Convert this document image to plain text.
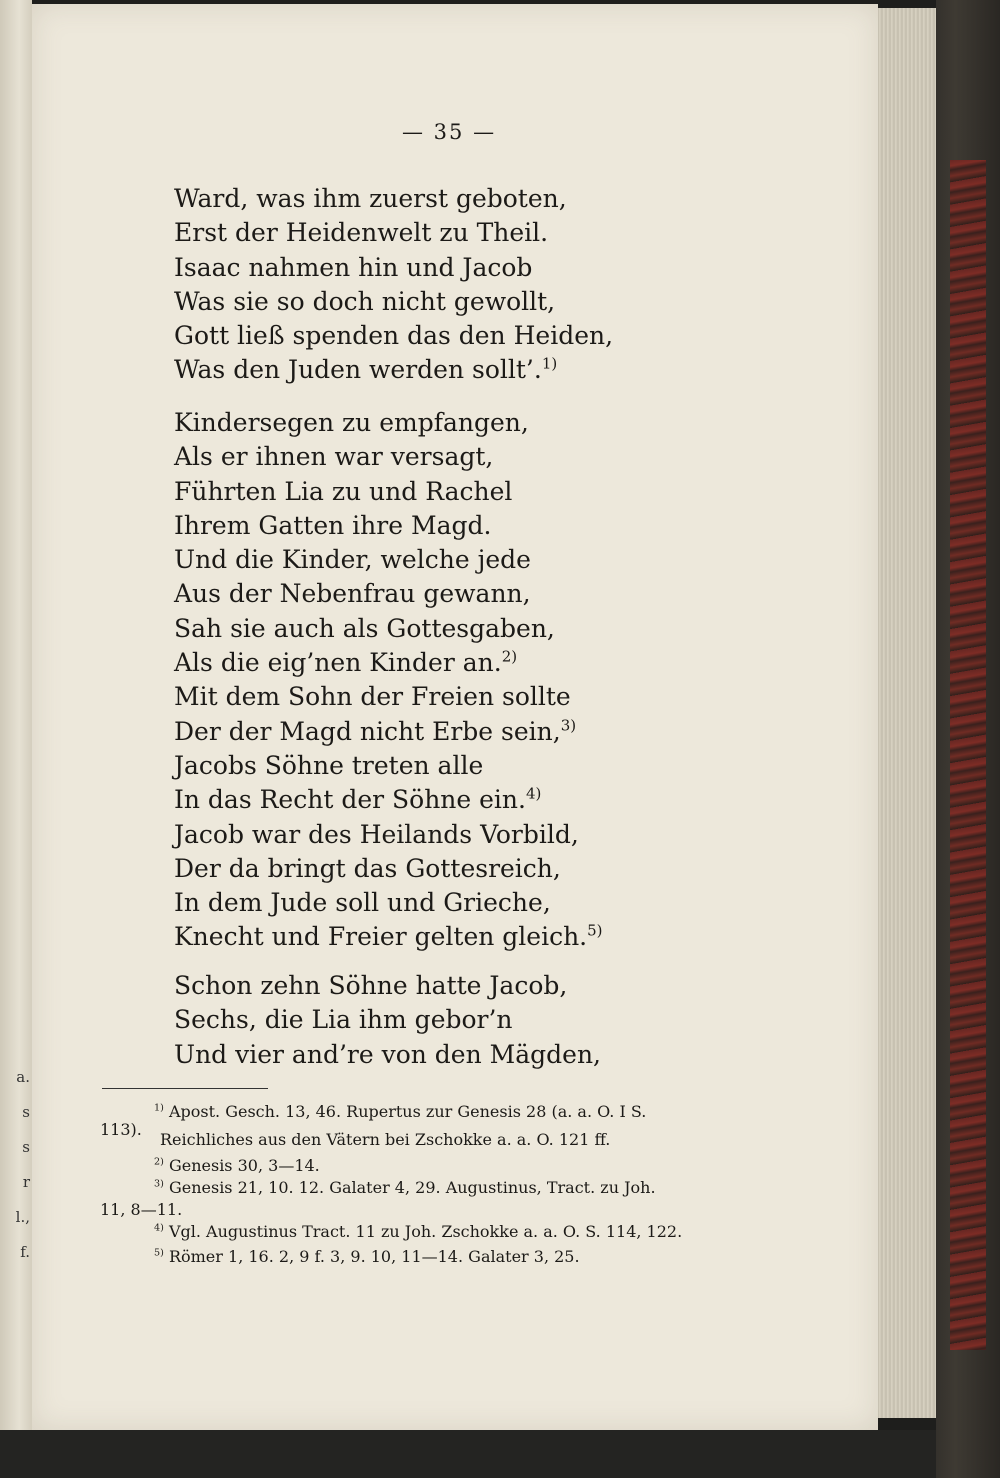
a.
s
s
r
l.,
f.
— 35 —
Ward, was ihm zuerst geboten,
Erst der Heidenwelt zu Theil.
Isaac nahmen hin und Jacob
Was sie so doch nicht gewollt,
Gott ließ spenden das den Heiden,
Was den Juden werden sollt’.$^{1)}$
Kindersegen zu empfangen,
Als er ihnen war versagt,
Führten Lia zu und Rachel
Ihrem Gatten ihre Magd.
Und die Kinder, welche jede
Aus der Nebenfrau gewann,
Sah sie auch als Gottesgaben,
Als die eig’nen Kinder an.$^{2)}$
Mit dem Sohn der Freien sollte
Der der Magd nicht Erbe sein,$^{3)}$
Jacobs Söhne treten alle
In das Recht der Söhne ein.$^{4)}$
Jacob war des Heilands Vorbild,
Der da bringt das Gottesreich,
In dem Jude soll und Grieche,
Knecht und Freier gelten gleich.$^{5)}$
Schon zehn Söhne hatte Jacob,
Sechs, die Lia ihm gebor’n
Und vier and’re von den Mägden,
$^{1)}$ Apost. Gesch. 13, 46. Rupertus zur Genesis 28 (a. a. O. I S.
113).
Reichliches aus den Vätern bei Zschokke a. a. O. 121 ff.
$^{2)}$ Genesis 30, 3—14.
$^{3)}$ Genesis 21, 10. 12. Galater 4, 29. Augustinus, Tract. zu Joh.
11, 8—11.
$^{4)}$ Vgl. Augustinus Tract. 11 zu Joh. Zschokke a. a. O. S. 114, 122.
$^{5)}$ Römer 1, 16. 2, 9 f. 3, 9. 10, 11—14. Galater 3, 25.
